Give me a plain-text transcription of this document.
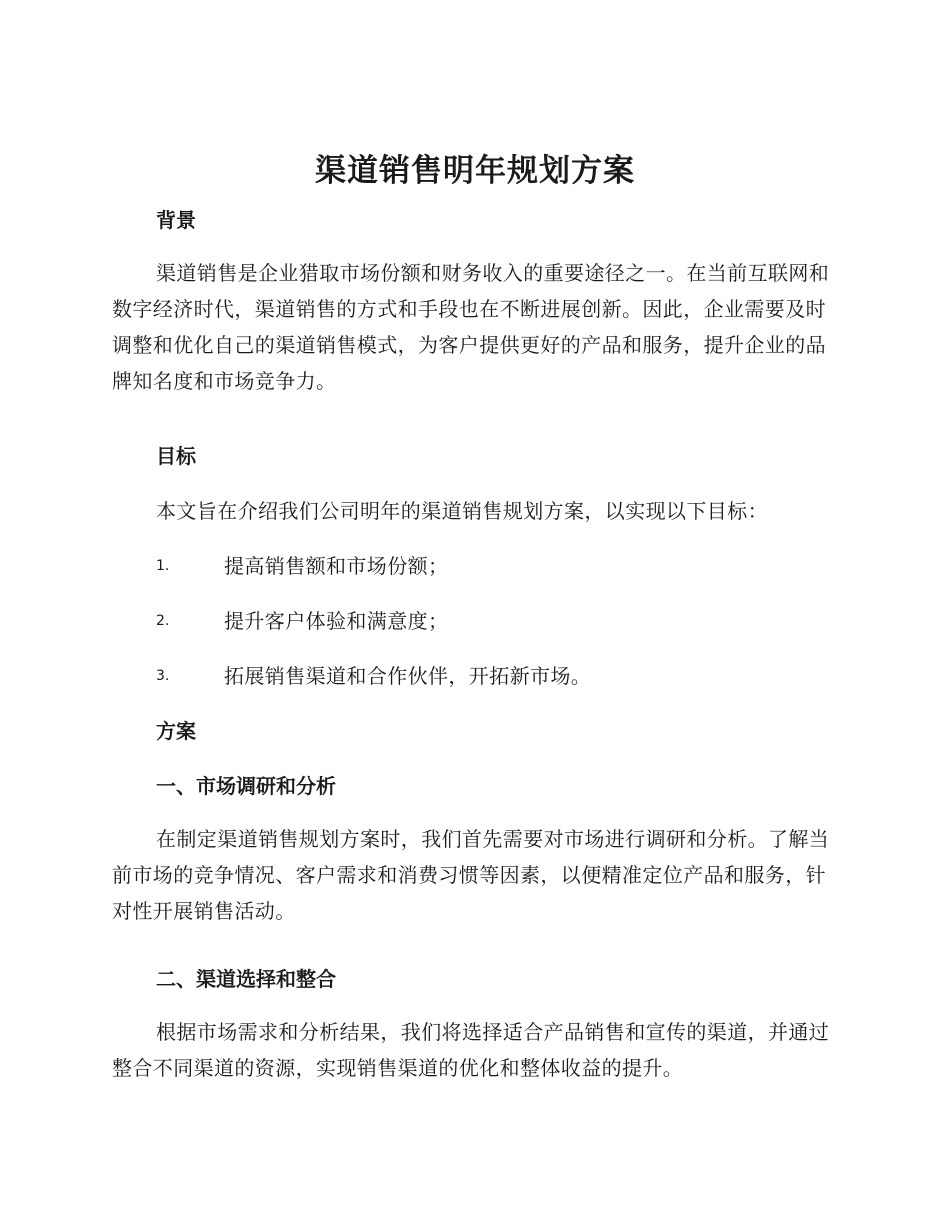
渠道销售明年规划方案
背景
渠道销售是企业猎取市场份额和财务收入的重要途径之一。在当前互联网和数字经济时代，渠道销售的方式和手段也在不断进展创新。因此，企业需要及时调整和优化自己的渠道销售模式，为客户提供更好的产品和服务，提升企业的品牌知名度和市场竞争力。
目标
本文旨在介绍我们公司明年的渠道销售规划方案，以实现以下目标：
1.	提高销售额和市场份额；
2.	提升客户体验和满意度；
3.	拓展销售渠道和合作伙伴，开拓新市场。
方案
一、市场调研和分析
在制定渠道销售规划方案时，我们首先需要对市场进行调研和分析。了解当前市场的竞争情况、客户需求和消费习惯等因素，以便精准定位产品和服务，针对性开展销售活动。
二、渠道选择和整合
根据市场需求和分析结果，我们将选择适合产品销售和宣传的渠道，并通过整合不同渠道的资源，实现销售渠道的优化和整体收益的提升。
